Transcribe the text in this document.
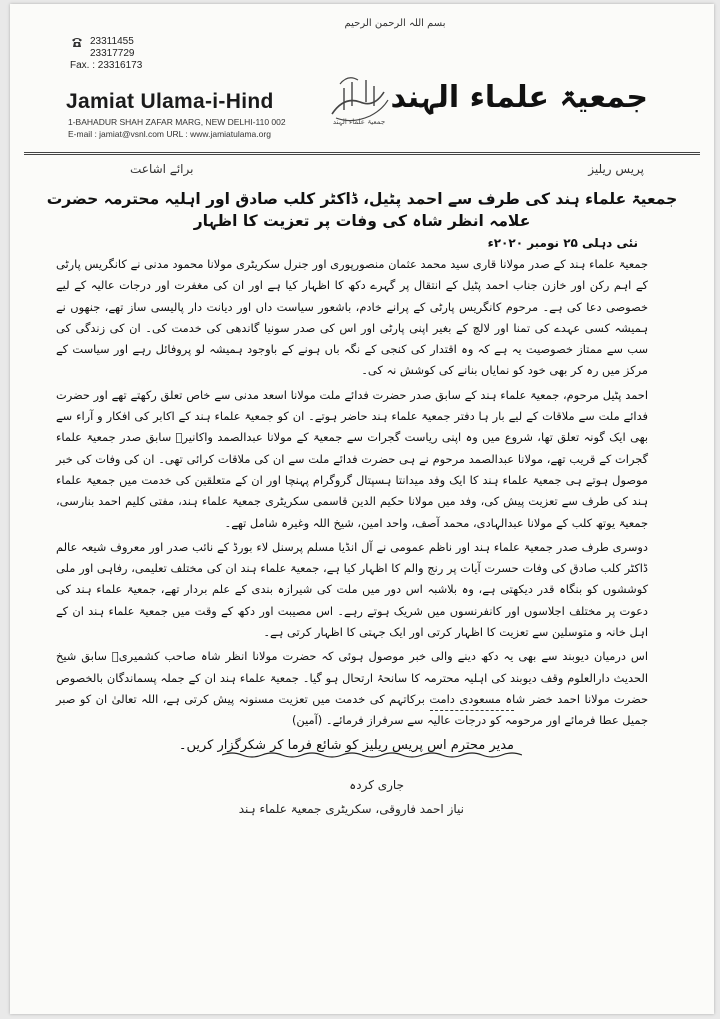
بسم اللہ الرحمن الرحیم
23311455
23317729
Fax. : 23316173
Jamiat Ulama-i-Hind
1-BAHADUR SHAH ZAFAR MARG, NEW DELHI-110 002
E-mail : jamiat@vsnl.com URL : www.jamiatulama.org
جمعیۃ علماء الہند
جمعیۃ علماء الہند
پریس ریلیز
برائے اشاعت
جمعیۃ علماء ہند کی طرف سے احمد پٹیل، ڈاکٹر کلب صادق اور اہلیہ محترمہ حضرت علامہ انظر شاہ کی وفات پر تعزیت کا اظہار
نئی دہلی ۲۵ نومبر ۲۰۲۰ء

جمعیۃ علماء ہند کے صدر مولانا قاری سید محمد عثمان منصورپوری اور جنرل سکریٹری مولانا محمود مدنی نے کانگریس پارٹی کے اہم رکن اور خازن جناب احمد پٹیل کے انتقال پر گہرے دکھ کا اظہار کیا ہے اور ان کی مغفرت اور درجات عالیہ کے لیے خصوصی دعا کی ہے۔ مرحوم کانگریس پارٹی کے پرانے خادم، باشعور سیاست داں اور دیانت دار پالیسی ساز تھے، جنھوں نے ہمیشہ کسی عہدے کی تمنا اور لالچ کے بغیر اپنی پارٹی اور اس کی صدر سونیا گاندھی کی خدمت کی۔ ان کی زندگی کی سب سے ممتاز خصوصیت یہ ہے کہ وہ اقتدار کی کنجی کے نگہ باں ہونے کے باوجود ہمیشہ لو پروفائل رہے اور سیاست کے مرکز میں رہ کر بھی خود کو نمایاں بنانے کی کوشش نہ کی۔

احمد پٹیل مرحوم، جمعیۃ علماء ہند کے سابق صدر حضرت فدائے ملت مولانا اسعد مدنی سے خاص تعلق رکھتے تھے اور حضرت فدائے ملت سے ملاقات کے لیے بار ہا دفتر جمعیۃ علماء ہند حاضر ہوتے۔ ان کو جمعیۃ علماء ہند کے اکابر کی افکار و آراء سے بھی ایک گونہ تعلق تھا، شروع میں وہ اپنی ریاست گجرات سے جمعیۃ کے مولانا عبدالصمد واکانیرؒ سابق صدر جمعیۃ علماء گجرات کے قریب تھے، مولانا عبدالصمد مرحوم نے ہی حضرت فدائے ملت سے ان کی ملاقات کرائی تھی۔ ان کی وفات کی خبر موصول ہوتے ہی جمعیۃ علماء ہند کا ایک وفد میدانتا ہسپتال گروگرام پہنچا اور ان کے متعلقین کی خدمت میں جمعیۃ علماء ہند کی طرف سے تعزیت پیش کی، وفد میں مولانا حکیم الدین قاسمی سکریٹری جمعیۃ علماء ہند، مفتی کلیم احمد بنارسی، جمعیۃ یوتھ کلب کے مولانا عبدالہادی، محمد آصف، واحد امین، شیخ اللہ وغیرہ شامل تھے۔

دوسری طرف صدر جمعیۃ علماء ہند اور ناظم عمومی نے آل انڈیا مسلم پرسنل لاء بورڈ کے نائب صدر اور معروف شیعہ عالم ڈاکٹر کلب صادق کی وفات حسرت آیات پر رنج والم کا اظہار کیا ہے، جمعیۃ علماء ہند ان کی مختلف تعلیمی، رفاہی اور ملی کوششوں کو بنگاہ قدر دیکھتی ہے، وہ بلاشبہ اس دور میں ملت کی شیرازہ بندی کے علم بردار تھے، جمعیۃ علماء ہند کی دعوت پر مختلف اجلاسوں اور کانفرنسوں میں شریک ہوتے رہے۔ اس مصیبت اور دکھ کے وقت میں جمعیۃ علماء ہند ان کے اہل خانہ و متوسلین سے تعزیت کا اظہار کرتی اور ایک جہتی کا اظہار کرتی ہے۔

اس درمیان دیوبند سے بھی یہ دکھ دینے والی خبر موصول ہوئی کہ حضرت مولانا انظر شاہ صاحب کشمیریؒ سابق شیخ الحدیث دارالعلوم وقف دیوبند کی اہلیہ محترمہ کا سانحۂ ارتحال ہو گیا۔ جمعیۃ علماء ہند ان کے جملہ پسماندگان بالخصوص حضرت مولانا احمد خضر شاہ مسعودی دامت برکاتہم کی خدمت میں تعزیت مسنونہ پیش کرتی ہے، اللہ تعالیٰ ان کو صبر جمیل عطا فرمائے اور مرحومہ کو درجات عالیہ سے سرفراز فرمائے۔ (آمین)

مدیر محترم اس پریس ریلیز کو شائع فرما کر شکرگزار کریں۔
جاری کردہ
نیاز احمد فاروقی، سکریٹری جمعیۃ علماء ہند
